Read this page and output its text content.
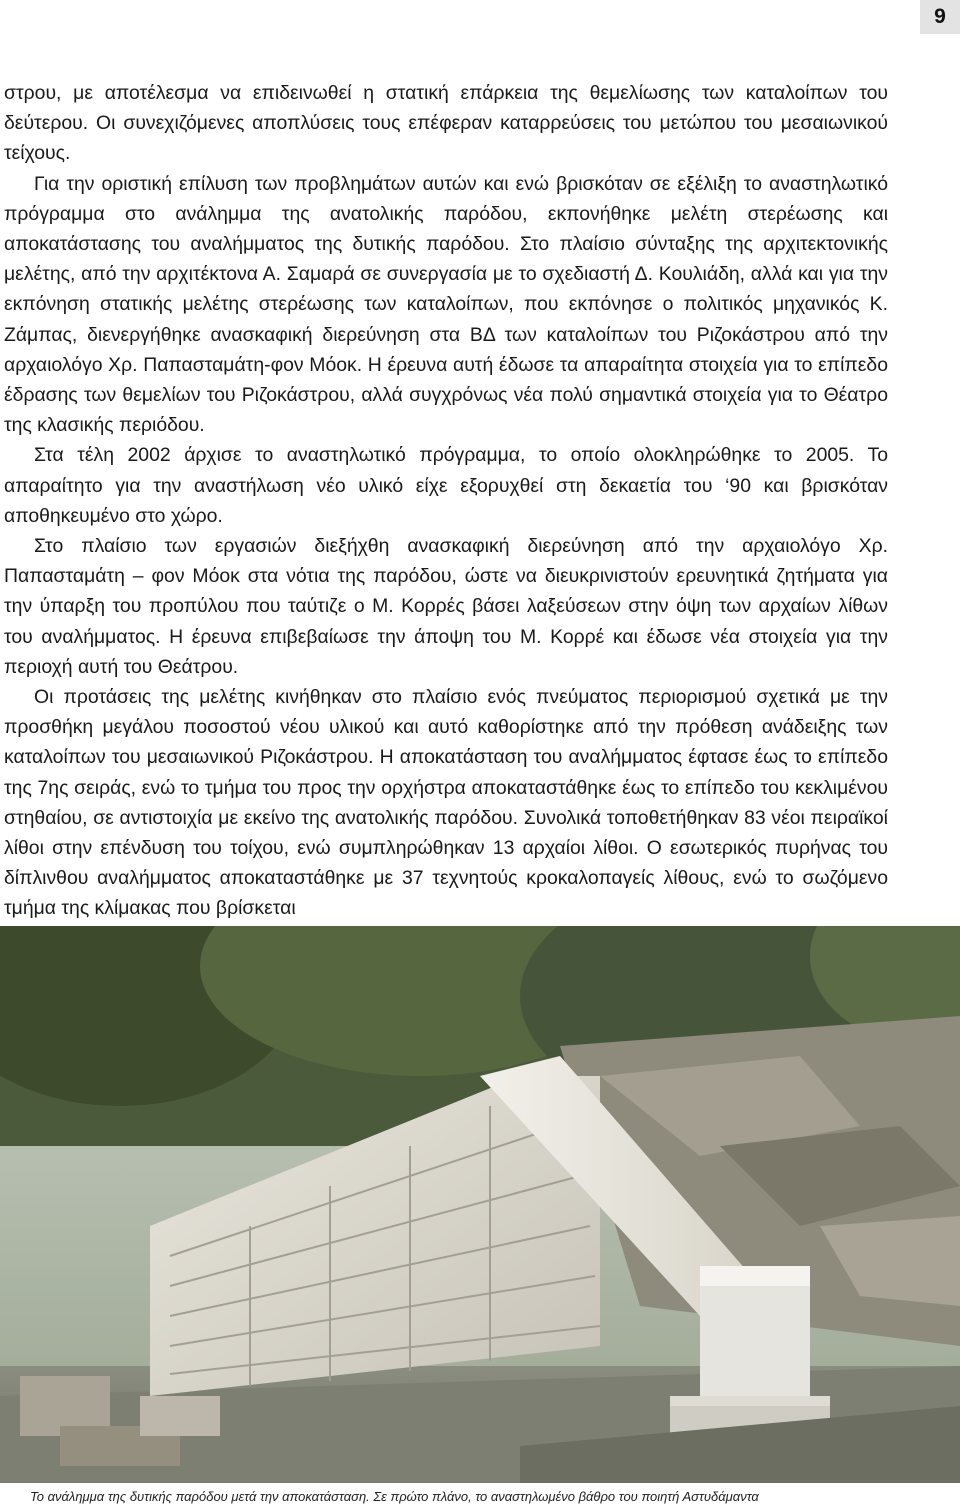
9

στρου, με αποτέλεσμα να επιδεινωθεί η στατική επάρκεια της θεμελίωσης των καταλοίπων του δεύτερου. Οι συνεχιζόμενες αποπλύσεις τους επέφεραν καταρρεύσεις του μετώπου του μεσαιωνικού τείχους.

Για την οριστική επίλυση των προβλημάτων αυτών και ενώ βρισκόταν σε εξέλιξη το αναστηλωτικό πρόγραμμα στο ανάλημμα της ανατολικής παρόδου, εκπονήθηκε μελέτη στερέωσης και αποκατάστασης του αναλήμματος της δυτικής παρόδου. Στο πλαίσιο σύνταξης της αρχιτεκτονικής μελέτης, από την αρχιτέκτονα Α. Σαμαρά σε συνεργασία με το σχεδιαστή Δ. Κουλιάδη, αλλά και για την εκπόνηση στατικής μελέτης στερέωσης των καταλοίπων, που εκπόνησε ο πολιτικός μηχανικός Κ. Ζάμπας, διενεργήθηκε ανασκαφική διερεύνηση στα ΒΔ των καταλοίπων του Ριζοκάστρου από την αρχαιολόγο Χρ. Παπασταμάτη-φον Μόοκ. Η έρευνα αυτή έδωσε τα απαραίτητα στοιχεία για το επίπεδο έδρασης των θεμελίων του Ριζοκάστρου, αλλά συγχρόνως νέα πολύ σημαντικά στοιχεία για το Θέατρο της κλασικής περιόδου.

Στα τέλη 2002 άρχισε το αναστηλωτικό πρόγραμμα, το οποίο ολοκληρώθηκε το 2005. Το απαραίτητο για την αναστήλωση νέο υλικό είχε εξορυχθεί στη δεκαετία του ‘90 και βρισκόταν αποθηκευμένο στο χώρο.

Στο πλαίσιο των εργασιών διεξήχθη ανασκαφική διερεύνηση από την αρχαιολόγο Χρ. Παπασταμάτη – φον Μόοκ στα νότια της παρόδου, ώστε να διευκρινιστούν ερευνητικά ζητήματα για την ύπαρξη του προπύλου που ταύτιζε ο Μ. Κορρές βάσει λαξεύσεων στην όψη των αρχαίων λίθων του αναλήμματος. Η έρευνα επιβεβαίωσε την άποψη του Μ. Κορρέ και έδωσε νέα στοιχεία για την περιοχή αυτή του Θεάτρου.

Οι προτάσεις της μελέτης κινήθηκαν στο πλαίσιο ενός πνεύματος περιορισμού σχετικά με την προσθήκη μεγάλου ποσοστού νέου υλικού και αυτό καθορίστηκε από την πρόθεση ανάδειξης των καταλοίπων του μεσαιωνικού Ριζοκάστρου. Η αποκατάσταση του αναλήμματος έφτασε έως το επίπεδο της 7ης σειράς, ενώ το τμήμα του προς την ορχήστρα αποκαταστάθηκε έως το επίπεδο του κεκλιμένου στηθαίου, σε αντιστοιχία με εκείνο της ανατολικής παρόδου. Συνολικά τοποθετήθηκαν 83 νέοι πειραϊκοί λίθοι στην επένδυση του τοίχου, ενώ συμπληρώθηκαν 13 αρχαίοι λίθοι. Ο εσωτερικός πυρήνας του δίπλινθου αναλήμματος αποκαταστάθηκε με 37 τεχνητούς κροκαλοπαγείς λίθους, ενώ το σωζόμενο τμήμα της κλίμακας που βρίσκεται

Το ανάλημμα της δυτικής παρόδου μετά την αποκατάσταση. Σε πρώτο πλάνο, το αναστηλωμένο βάθρο του ποιητή Αστυδάμαντα
